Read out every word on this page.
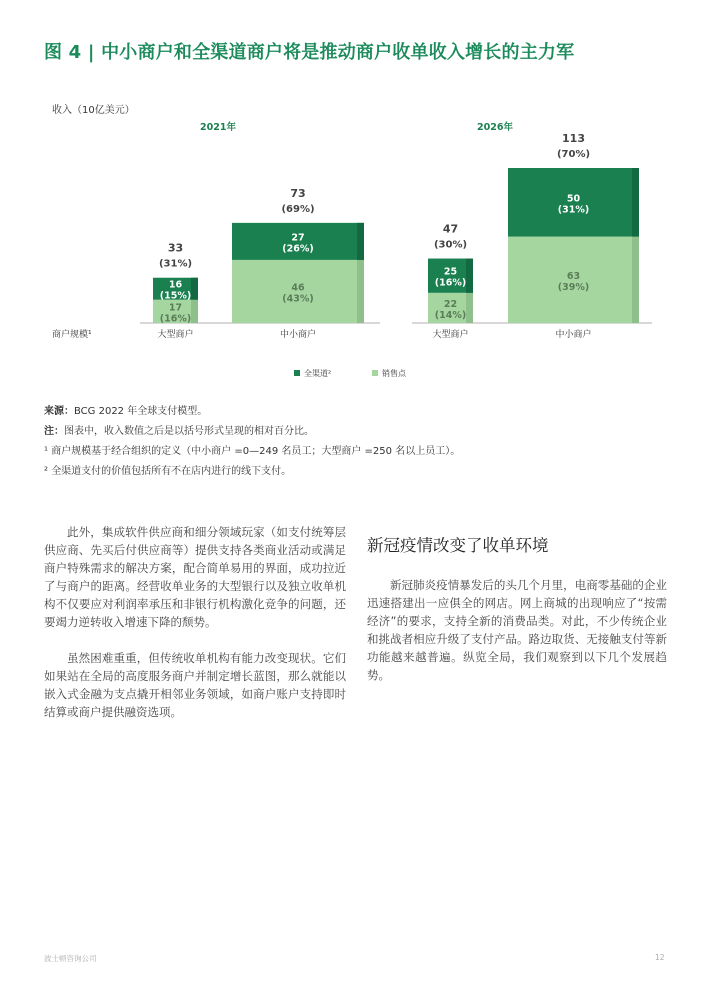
图 4 | 中小商户和全渠道商户将是推动商户收单收入增长的主力军
收入（10亿美元）
2021年
17
(16%)
16
(15%)
33
(31%)
大型商户
46
(43%)
27
(26%)
73
(69%)
中小商户
2026年
22
(14%)
25
(16%)
47
(30%)
大型商户
63
(39%)
50
(31%)
113
(70%)
中小商户
商户规模¹
全渠道²	销售点
来源：BCG 2022 年全球支付模型。
注：图表中，收入数值之后是以括号形式呈现的相对百分比。
¹ 商户规模基于经合组织的定义（中小商户 =0—249 名员工；大型商户 =250 名以上员工）。
² 全渠道支付的价值包括所有不在店内进行的线下支付。

此外，集成软件供应商和细分领域玩家（如支付统筹层供应商、先买后付供应商等）提供支持各类商业活动或满足商户特殊需求的解决方案，配合简单易用的界面，成功拉近了与商户的距离。经营收单业务的大型银行以及独立收单机构不仅要应对利润率承压和非银行机构激化竞争的问题，还要竭力逆转收入增速下降的颓势。

虽然困难重重，但传统收单机构有能力改变现状。它们如果站在全局的高度服务商户并制定增长蓝图，那么就能以嵌入式金融为支点撬开相邻业务领域，如商户账户支持即时结算或商户提供融资选项。

新冠疫情改变了收单环境

新冠肺炎疫情暴发后的头几个月里，电商零基础的企业迅速搭建出一应俱全的网店。网上商城的出现响应了“按需经济”的要求，支持全新的消费品类。对此，不少传统企业和挑战者相应升级了支付产品。路边取货、无接触支付等新功能越来越普遍。纵览全局，我们观察到以下几个发展趋势。

波士顿咨询公司	12
